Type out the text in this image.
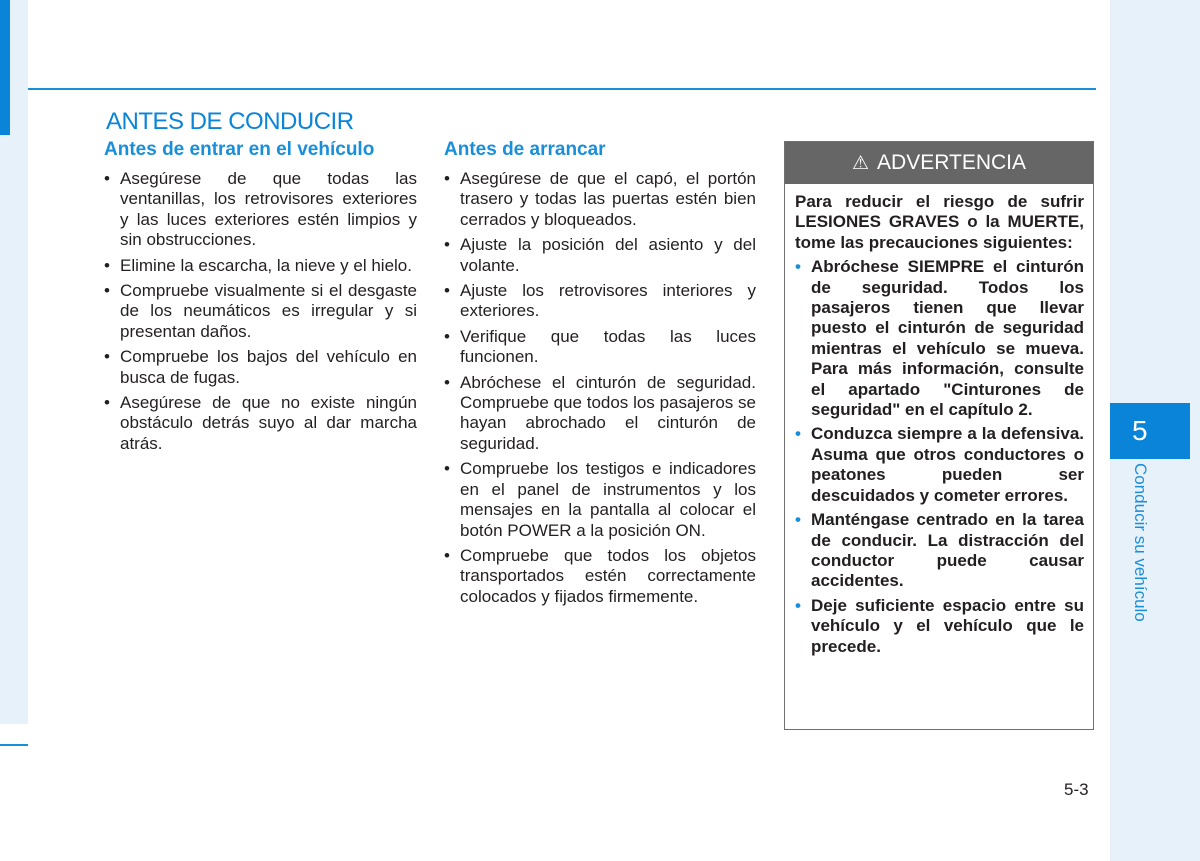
5
Conducir su vehículo
ANTES DE CONDUCIR
Antes de entrar en el vehículo
• Asegúrese de que todas las ventanillas, los retrovisores exteriores y las luces exteriores estén limpios y sin obstrucciones.
• Elimine la escarcha, la nieve y el hielo.
• Compruebe visualmente si el desgaste de los neumáticos es irregular y si presentan daños.
• Compruebe los bajos del vehículo en busca de fugas.
• Asegúrese de que no existe ningún obstáculo detrás suyo al dar marcha atrás.
Antes de arrancar
• Asegúrese de que el capó, el portón trasero y todas las puertas estén bien cerrados y bloqueados.
• Ajuste la posición del asiento y del volante.
• Ajuste los retrovisores interiores y exteriores.
• Verifique que todas las luces funcionen.
• Abróchese el cinturón de seguridad. Compruebe que todos los pasajeros se hayan abrochado el cinturón de seguridad.
• Compruebe los testigos e indicadores en el panel de instrumentos y los mensajes en la pantalla al colocar el botón POWER a la posición ON.
• Compruebe que todos los objetos transportados estén correctamente colocados y fijados firmemente.
⚠ ADVERTENCIA

Para reducir el riesgo de sufrir LESIONES GRAVES o la MUERTE, tome las precauciones siguientes:

• Abróchese SIEMPRE el cinturón de seguridad. Todos los pasajeros tienen que llevar puesto el cinturón de seguridad mientras el vehículo se mueva. Para más información, consulte el apartado "Cinturones de seguridad" en el capítulo 2.
• Conduzca siempre a la defensiva. Asuma que otros conductores o peatones pueden ser descuidados y cometer errores.
• Manténgase centrado en la tarea de conducir. La distracción del conductor puede causar accidentes.
• Deje suficiente espacio entre su vehículo y el vehículo que le precede.
5-3
